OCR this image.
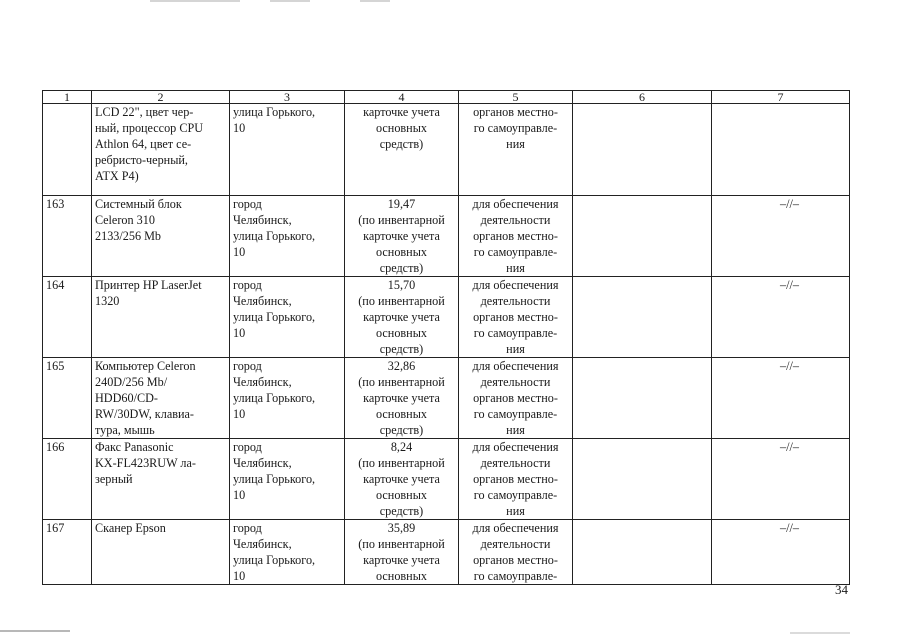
1	2	3	4	5	6	7

	LCD 22", цвет чер-
ный, процессор CPU
Athlon 64, цвет се-
ребристо-черный,
ATX P4)	улица Горького,
10	карточке учета
основных
средств)	органов местно-
го самоуправле-
ния		

163	Системный блок
Celeron 310
2133/256 Mb	город
Челябинск,
улица Горького,
10	19,47
(по инвентарной
карточке учета
основных
средств)	для обеспечения
деятельности
органов местно-
го самоуправле-
ния		–//–
164	Принтер HP LaserJet
1320	город
Челябинск,
улица Горького,
10	15,70
(по инвентарной
карточке учета
основных
средств)	для обеспечения
деятельности
органов местно-
го самоуправле-
ния		–//–
165	Компьютер Celeron
240D/256 Mb/
HDD60/CD-
RW/30DW, клавиа-
тура, мышь	город
Челябинск,
улица Горького,
10	32,86
(по инвентарной
карточке учета
основных
средств)	для обеспечения
деятельности
органов местно-
го самоуправле-
ния		–//–
166	Факс Panasonic
KX-FL423RUW ла-
зерный	город
Челябинск,
улица Горького,
10	8,24
(по инвентарной
карточке учета
основных
средств)	для обеспечения
деятельности
органов местно-
го самоуправле-
ния		–//–
167	Сканер Epson	город
Челябинск,
улица Горького,
10	35,89
(по инвентарной
карточке учета
основных	для обеспечения
деятельности
органов местно-
го самоуправле-		–//–
34
